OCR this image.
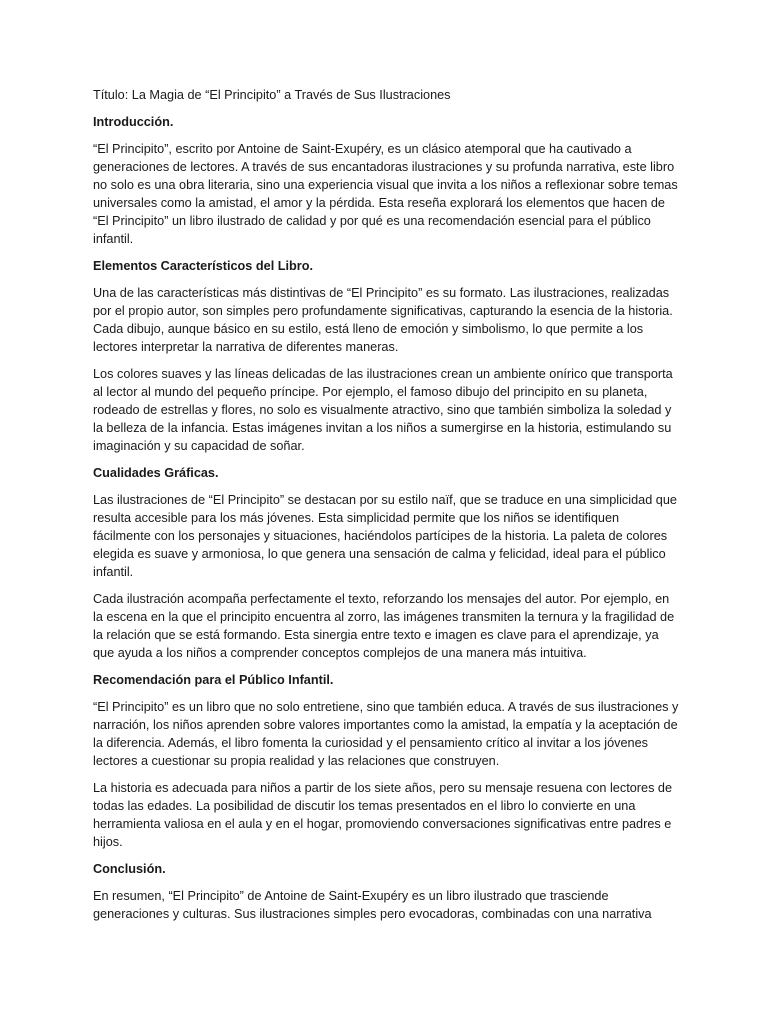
Título: La Magia de “El Principito” a Través de Sus Ilustraciones

Introducción.

“El Principito”, escrito por Antoine de Saint-Exupéry, es un clásico atemporal que ha cautivado a generaciones de lectores. A través de sus encantadoras ilustraciones y su profunda narrativa, este libro no solo es una obra literaria, sino una experiencia visual que invita a los niños a reflexionar sobre temas universales como la amistad, el amor y la pérdida. Esta reseña explorará los elementos que hacen de “El Principito” un libro ilustrado de calidad y por qué es una recomendación esencial para el público infantil.

Elementos Característicos del Libro.

Una de las características más distintivas de “El Principito” es su formato. Las ilustraciones, realizadas por el propio autor, son simples pero profundamente significativas, capturando la esencia de la historia. Cada dibujo, aunque básico en su estilo, está lleno de emoción y simbolismo, lo que permite a los lectores interpretar la narrativa de diferentes maneras.

Los colores suaves y las líneas delicadas de las ilustraciones crean un ambiente onírico que transporta al lector al mundo del pequeño príncipe. Por ejemplo, el famoso dibujo del principito en su planeta, rodeado de estrellas y flores, no solo es visualmente atractivo, sino que también simboliza la soledad y la belleza de la infancia. Estas imágenes invitan a los niños a sumergirse en la historia, estimulando su imaginación y su capacidad de soñar.

Cualidades Gráficas.

Las ilustraciones de “El Principito” se destacan por su estilo naïf, que se traduce en una simplicidad que resulta accesible para los más jóvenes. Esta simplicidad permite que los niños se identifiquen fácilmente con los personajes y situaciones, haciéndolos partícipes de la historia. La paleta de colores elegida es suave y armoniosa, lo que genera una sensación de calma y felicidad, ideal para el público infantil.

Cada ilustración acompaña perfectamente el texto, reforzando los mensajes del autor. Por ejemplo, en la escena en la que el principito encuentra al zorro, las imágenes transmiten la ternura y la fragilidad de la relación que se está formando. Esta sinergia entre texto e imagen es clave para el aprendizaje, ya que ayuda a los niños a comprender conceptos complejos de una manera más intuitiva.

Recomendación para el Público Infantil.

“El Principito” es un libro que no solo entretiene, sino que también educa. A través de sus ilustraciones y narración, los niños aprenden sobre valores importantes como la amistad, la empatía y la aceptación de la diferencia. Además, el libro fomenta la curiosidad y el pensamiento crítico al invitar a los jóvenes lectores a cuestionar su propia realidad y las relaciones que construyen.

La historia es adecuada para niños a partir de los siete años, pero su mensaje resuena con lectores de todas las edades. La posibilidad de discutir los temas presentados en el libro lo convierte en una herramienta valiosa en el aula y en el hogar, promoviendo conversaciones significativas entre padres e hijos.

Conclusión.

En resumen, “El Principito” de Antoine de Saint-Exupéry es un libro ilustrado que trasciende generaciones y culturas. Sus ilustraciones simples pero evocadoras, combinadas con una narrativa
